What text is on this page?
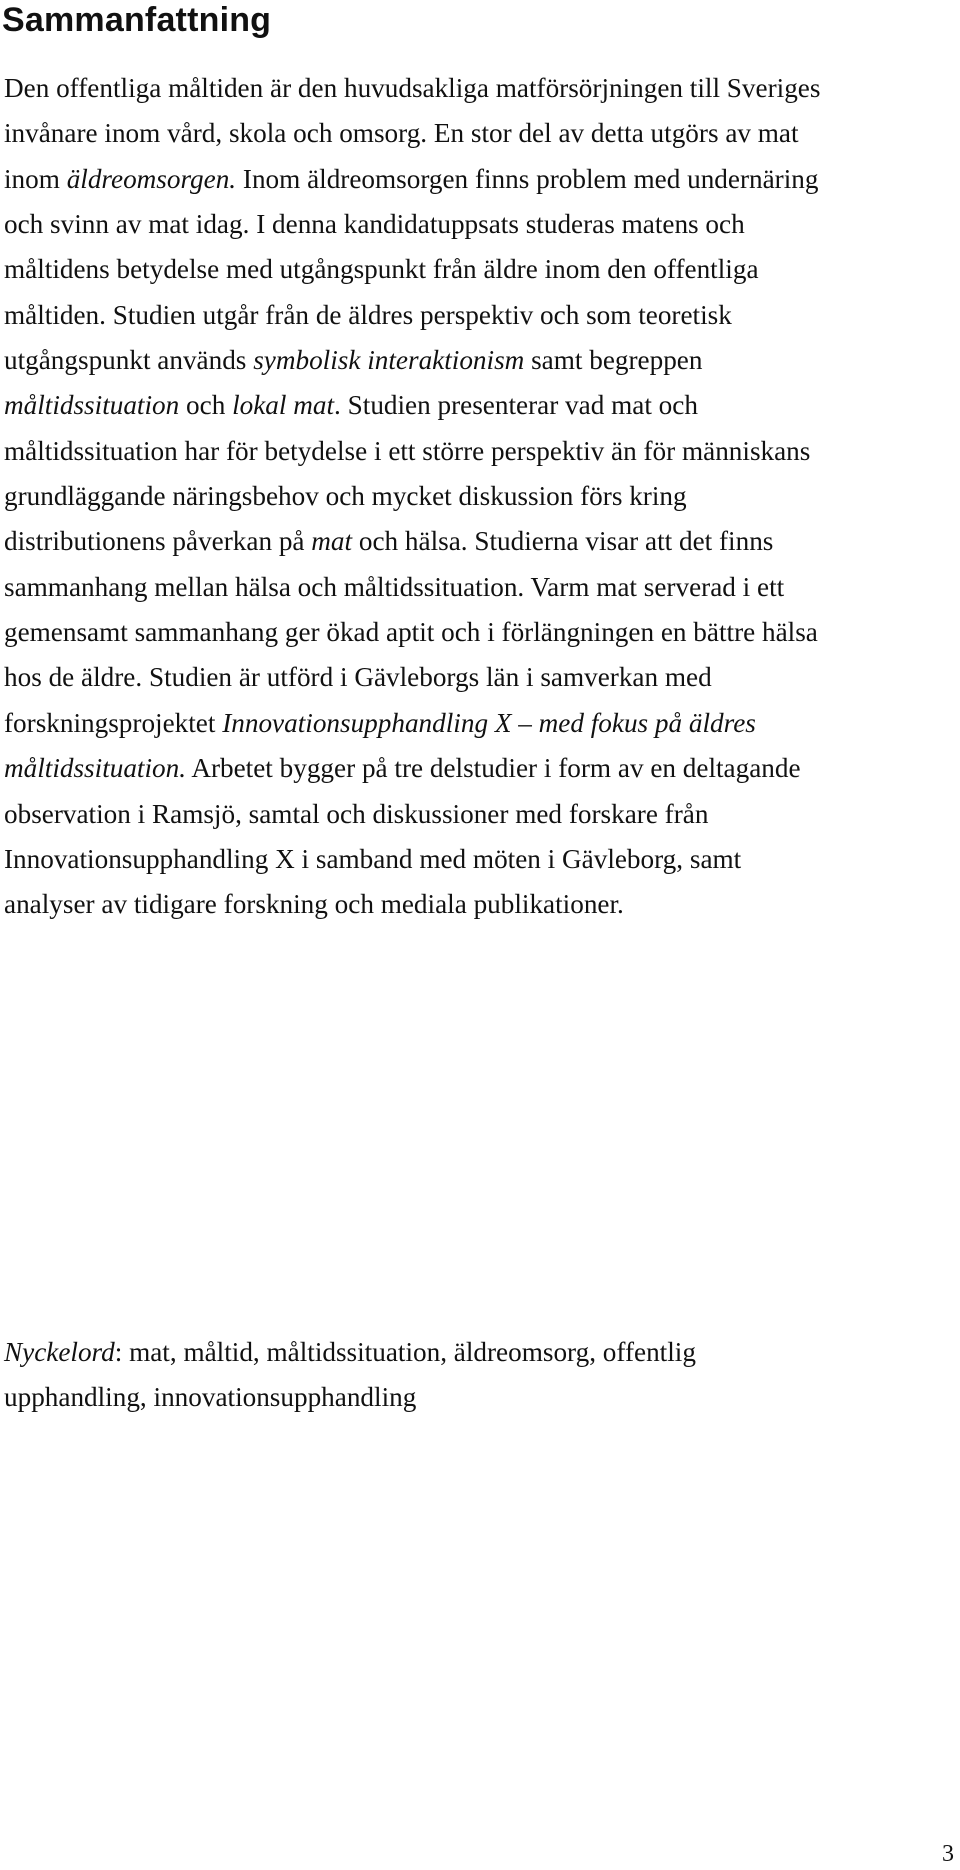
Sammanfattning

Den offentliga måltiden är den huvudsakliga matförsörjningen till Sveriges
invånare inom vård, skola och omsorg. En stor del av detta utgörs av mat
inom äldreomsorgen. Inom äldreomsorgen finns problem med undernäring
och svinn av mat idag. I denna kandidatuppsats studeras matens och
måltidens betydelse med utgångspunkt från äldre inom den offentliga
måltiden. Studien utgår från de äldres perspektiv och som teoretisk
utgångspunkt används symbolisk interaktionism samt begreppen
måltidssituation och lokal mat. Studien presenterar vad mat och
måltidssituation har för betydelse i ett större perspektiv än för människans
grundläggande näringsbehov och mycket diskussion förs kring
distributionens påverkan på mat och hälsa. Studierna visar att det finns
sammanhang mellan hälsa och måltidssituation. Varm mat serverad i ett
gemensamt sammanhang ger ökad aptit och i förlängningen en bättre hälsa
hos de äldre. Studien är utförd i Gävleborgs län i samverkan med
forskningsprojektet Innovationsupphandling X – med fokus på äldres
måltidssituation. Arbetet bygger på tre delstudier i form av en deltagande
observation i Ramsjö, samtal och diskussioner med forskare från
Innovationsupphandling X i samband med möten i Gävleborg, samt
analyser av tidigare forskning och mediala publikationer.

Nyckelord: mat, måltid, måltidssituation, äldreomsorg, offentlig
upphandling, innovationsupphandling

3
